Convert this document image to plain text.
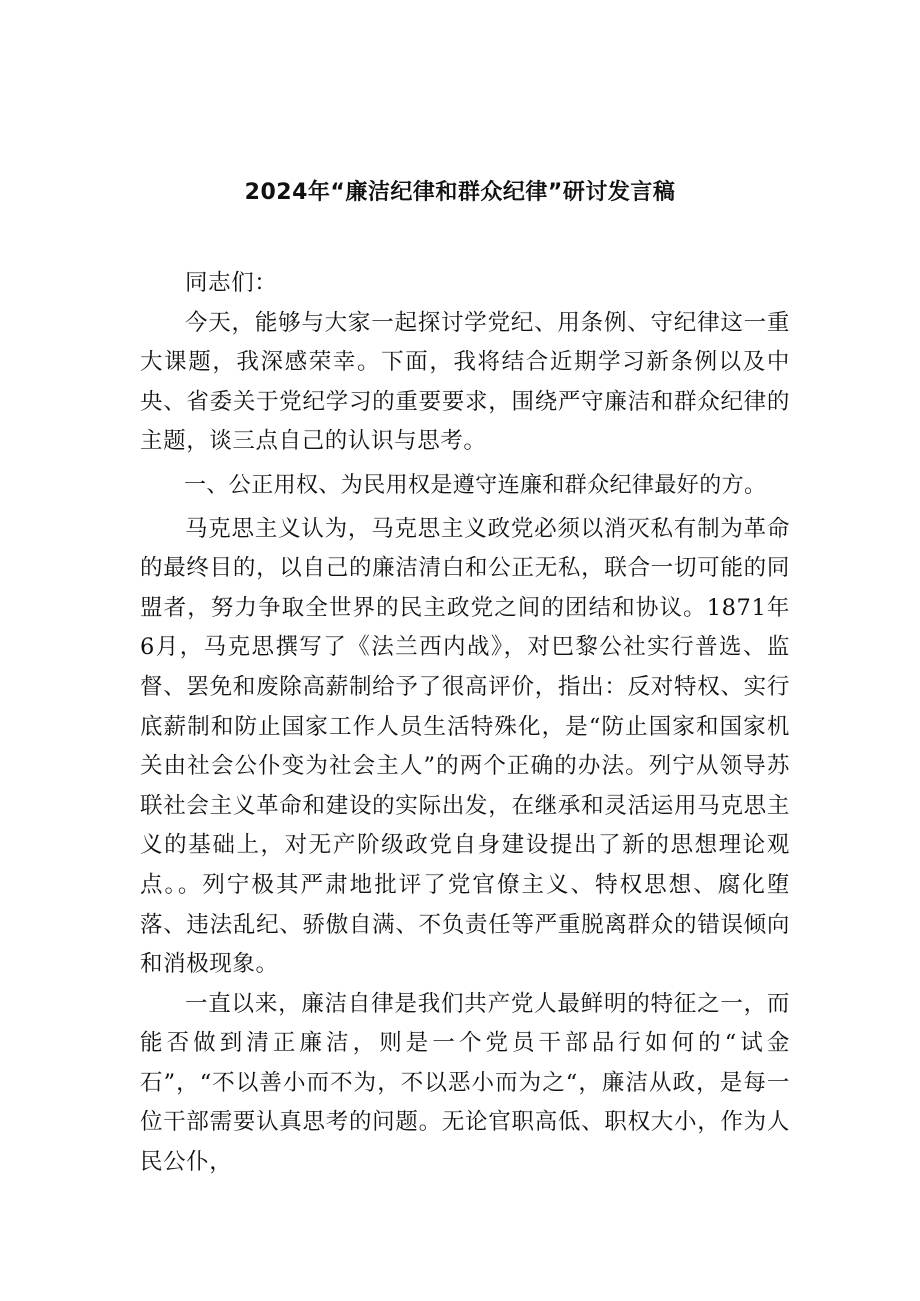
2024年“廉洁纪律和群众纪律”研讨发言稿

同志们：

今天，能够与大家一起探讨学党纪、用条例、守纪律这一重大课题，我深感荣幸。下面，我将结合近期学习新条例以及中央、省委关于党纪学习的重要要求，围绕严守廉洁和群众纪律的主题，谈三点自己的认识与思考。

一、公正用权、为民用权是遵守连廉和群众纪律最好的方。

马克思主义认为，马克思主义政党必须以消灭私有制为革命的最终目的，以自己的廉洁清白和公正无私，联合一切可能的同盟者，努力争取全世界的民主政党之间的团结和协议。1871年6月，马克思撰写了《法兰西内战》，对巴黎公社实行普选、监督、罢免和废除高薪制给予了很高评价，指出：反对特权、实行底薪制和防止国家工作人员生活特殊化，是“防止国家和国家机关由社会公仆变为社会主人”的两个正确的办法。列宁从领导苏联社会主义革命和建设的实际出发，在继承和灵活运用马克思主义的基础上，对无产阶级政党自身建设提出了新的思想理论观点。。列宁极其严肃地批评了党官僚主义、特权思想、腐化堕落、违法乱纪、骄傲自满、不负责任等严重脱离群众的错误倾向和消极现象。

一直以来，廉洁自律是我们共产党人最鲜明的特征之一，而能否做到清正廉洁，则是一个党员干部品行如何的“试金石”，“不以善小而不为，不以恶小而为之“，廉洁从政，是每一位干部需要认真思考的问题。无论官职高低、职权大小，作为人民公仆，
